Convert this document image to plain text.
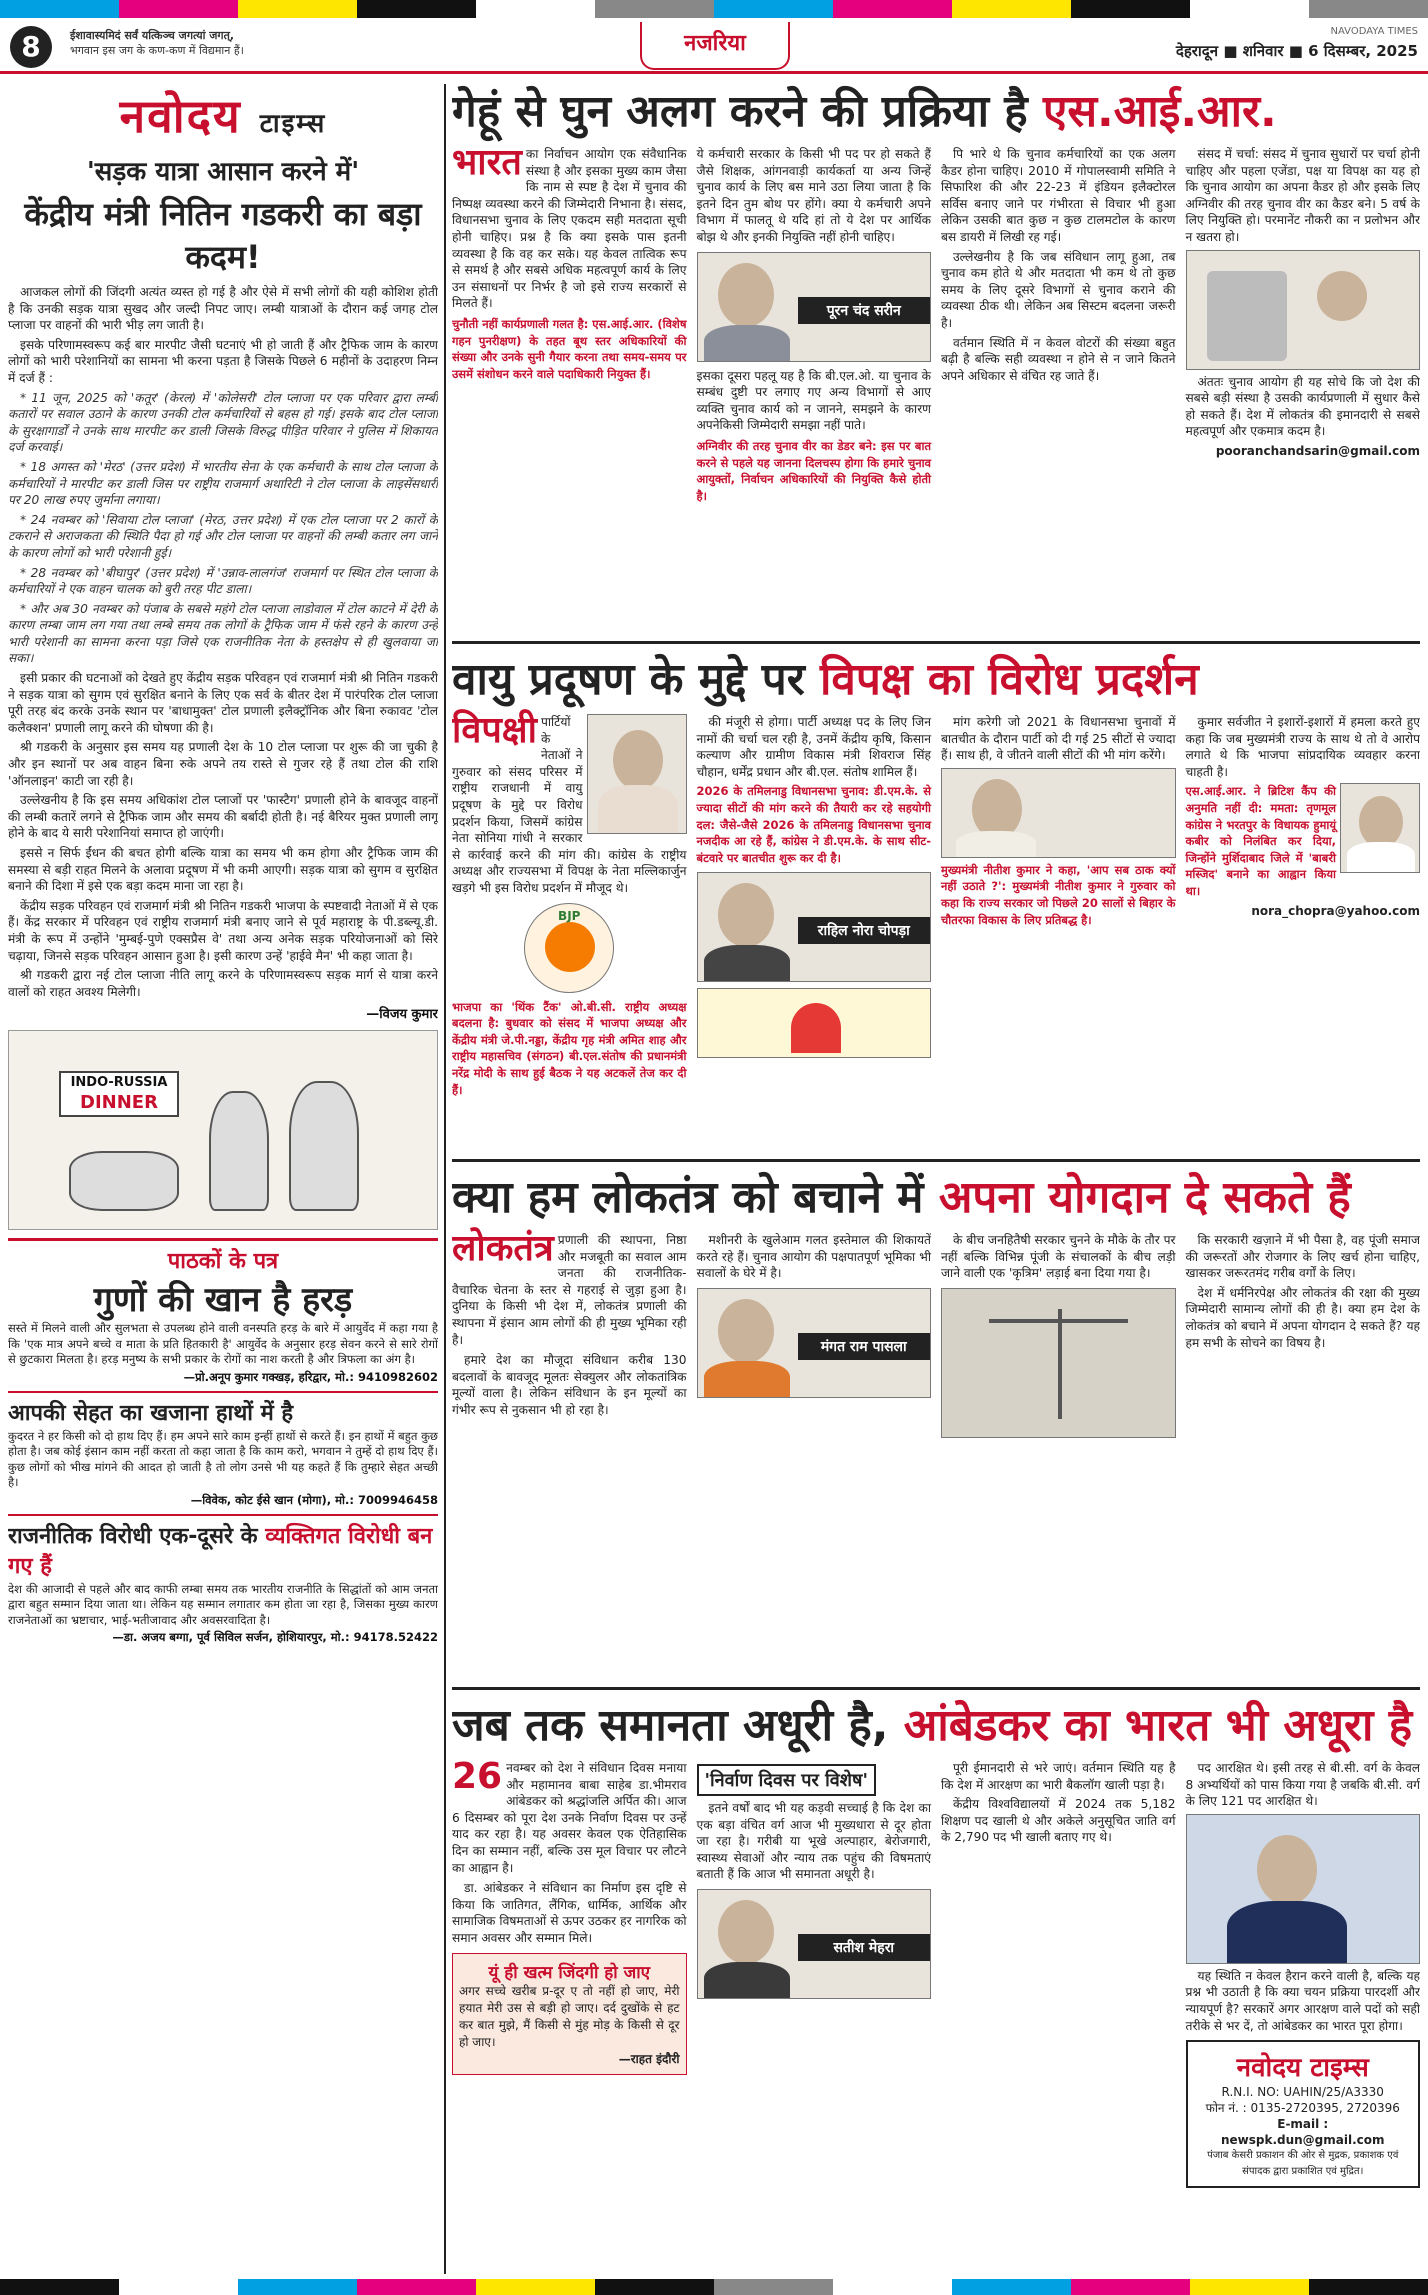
8	ईशावास्यमिदं सर्वं यत्किञ्च जगत्यां जगत्,
भगवान इस जग के कण-कण में विद्यमान हैं।	नजरिया	NAVODAYA TIMES
देहरादून ■ शनिवार ■ 6 दिसम्बर, 2025
नवोदय टाइम्स
'सड़क यात्रा आसान करने में'
केंद्रीय मंत्री नितिन गडकरी का बड़ा कदम!

आजकल लोगों की जिंदगी अत्यंत व्यस्त हो गई है और ऐसे में सभी लोगों की यही कोशिश होती है कि उनकी सड़क यात्रा सुखद और जल्दी निपट जाए। लम्बी यात्राओं के दौरान कई जगह टोल प्लाजा पर वाहनों की भारी भीड़ लग जाती है।

इसके परिणामस्वरूप कई बार मारपीट जैसी घटनाएं भी हो जाती हैं और ट्रैफिक जाम के कारण लोगों को भारी परेशानियों का सामना भी करना पड़ता है जिसके पिछले 6 महीनों के उदाहरण निम्न में दर्ज हैं :

* 11 जून, 2025 को 'कतूर' (केरल) में 'कोलेसरी' टोल प्लाजा पर एक परिवार द्वारा लम्बी कतारों पर सवाल उठाने के कारण उनकी टोल कर्मचारियों से बहस हो गई। इसके बाद टोल प्लाजा के सुरक्षागार्डों ने उनके साथ मारपीट कर डाली जिसके विरुद्ध पीड़ित परिवार ने पुलिस में शिकायत दर्ज करवाई।

* 18 अगस्त को 'मेरठ' (उत्तर प्रदेश) में भारतीय सेना के एक कर्मचारी के साथ टोल प्लाजा के कर्मचारियों ने मारपीट कर डाली जिस पर राष्ट्रीय राजमार्ग अथारिटी ने टोल प्लाजा के लाइसेंसधारी पर 20 लाख रुपए जुर्माना लगाया।

* 24 नवम्बर को 'सिवाया टोल प्लाजा' (मेरठ, उत्तर प्रदेश) में एक टोल प्लाजा पर 2 कारों के टकराने से अराजकता की स्थिति पैदा हो गई और टोल प्लाजा पर वाहनों की लम्बी कतार लग जाने के कारण लोगों को भारी परेशानी हुई।

* 28 नवम्बर को 'बीघापुर' (उत्तर प्रदेश) में 'उन्नाव-लालगंज' राजमार्ग पर स्थित टोल प्लाजा के कर्मचारियों ने एक वाहन चालक को बुरी तरह पीट डाला।

* और अब 30 नवम्बर को पंजाब के सबसे महंगे टोल प्लाजा लाडोवाल में टोल काटने में देरी के कारण लम्बा जाम लग गया तथा लम्बे समय तक लोगों के ट्रैफिक जाम में फंसे रहने के कारण उन्हें भारी परेशानी का सामना करना पड़ा जिसे एक राजनीतिक नेता के हस्तक्षेप से ही खुलवाया जा सका।

इसी प्रकार की घटनाओं को देखते हुए केंद्रीय सड़क परिवहन एवं राजमार्ग मंत्री श्री नितिन गडकरी ने सड़क यात्रा को सुगम एवं सुरक्षित बनाने के लिए एक सर्व के बीतर देश में पारंपरिक टोल प्लाजा पूरी तरह बंद करके उनके स्थान पर 'बाधामुक्त' टोल प्रणाली इलैक्ट्रॉनिक और बिना रुकावट 'टोल कलैक्शन' प्रणाली लागू करने की घोषणा की है।

श्री गडकरी के अनुसार इस समय यह प्रणाली देश के 10 टोल प्लाजा पर शुरू की जा चुकी है और इन स्थानों पर अब वाहन बिना रुके अपने तय रास्ते से गुजर रहे हैं तथा टोल की राशि 'ऑनलाइन' काटी जा रही है।

उल्लेखनीय है कि इस समय अधिकांश टोल प्लाजों पर 'फास्टैग' प्रणाली होने के बावजूद वाहनों की लम्बी कतारें लगने से ट्रैफिक जाम और समय की बर्बादी होती है। नई बैरियर मुक्त प्रणाली लागू होने के बाद ये सारी परेशानियां समाप्त हो जाएंगी।

इससे न सिर्फ ईंधन की बचत होगी बल्कि यात्रा का समय भी कम होगा और ट्रैफिक जाम की समस्या से बड़ी राहत मिलने के अलावा प्रदूषण में भी कमी आएगी। सड़क यात्रा को सुगम व सुरक्षित बनाने की दिशा में इसे एक बड़ा कदम माना जा रहा है।

केंद्रीय सड़क परिवहन एवं राजमार्ग मंत्री श्री नितिन गडकरी भाजपा के स्पष्टवादी नेताओं में से एक हैं। केंद्र सरकार में परिवहन एवं राष्ट्रीय राजमार्ग मंत्री बनाए जाने से पूर्व महाराष्ट्र के पी.डब्ल्यू.डी. मंत्री के रूप में उन्होंने 'मुम्बई-पुणे एक्सप्रैस वे' तथा अन्य अनेक सड़क परियोजनाओं को सिरे चढ़ाया, जिनसे सड़क परिवहन आसान हुआ है। इसी कारण उन्हें 'हाईवे मैन' भी कहा जाता है।

श्री गडकरी द्वारा नई टोल प्लाजा नीति लागू करने के परिणामस्वरूप सड़क मार्ग से यात्रा करने वालों को राहत अवश्य मिलेगी।

—विजय कुमार
INDO-RUSSIA
DINNER
पाठकों के पत्र
गुणों की खान है हरड़
सस्ते में मिलने वाली और सुलभता से उपलब्ध होने वाली वनस्पति हरड़ के बारे में आयुर्वेद में कहा गया है कि 'एक मात्र अपने बच्चे व माता के प्रति हितकारी है' आयुर्वेद के अनुसार हरड़ सेवन करने से सारे रोगों से छुटकारा मिलता है। हरड़ मनुष्य के सभी प्रकार के रोगों का नाश करती है और त्रिफला का अंग है।
—प्रो.अनूप कुमार गक्खड़, हरिद्वार, मो.: 9410982602
आपकी सेहत का खजाना हाथों में है
कुदरत ने हर किसी को दो हाथ दिए हैं। हम अपने सारे काम इन्हीं हाथों से करते हैं। इन हाथों में बहुत कुछ होता है। जब कोई इंसान काम नहीं करता तो कहा जाता है कि काम करो, भगवान ने तुम्हें दो हाथ दिए हैं। कुछ लोगों को भीख मांगने की आदत हो जाती है तो लोग उनसे भी यह कहते हैं कि तुम्हारे सेहत अच्छी है।
—विवेक, कोट ईसे खान (मोगा), मो.: 7009946458
राजनीतिक विरोधी एक-दूसरे के व्यक्तिगत विरोधी बन गए हैं
देश की आजादी से पहले और बाद काफी लम्बा समय तक भारतीय राजनीति के सिद्धांतों को आम जनता द्वारा बहुत सम्मान दिया जाता था। लेकिन यह सम्मान लगातार कम होता जा रहा है, जिसका मुख्य कारण राजनेताओं का भ्रष्टाचार, भाई-भतीजावाद और अवसरवादिता है।
—डा. अजय बग्गा, पूर्व सिविल सर्जन, होशियारपुर, मो.: 94178.52422
गेहूं से घुन अलग करने की प्रक्रिया है एस.आई.आर.
भारत का निर्वाचन आयोग एक संवैधानिक संस्था है और इसका मुख्य काम जैसा कि नाम से स्पष्ट है देश में चुनाव की निष्पक्ष व्यवस्था करने की जिम्मेदारी निभाना है। संसद, विधानसभा चुनाव के लिए एकदम सही मतदाता सूची होनी चाहिए। प्रश्न है कि क्या इसके पास इतनी व्यवस्था है कि वह कर सके। यह केवल तात्विक रूप से समर्थ है और सबसे अधिक महत्वपूर्ण कार्य के लिए उन संसाधनों पर निर्भर है जो इसे राज्य सरकारों से मिलते हैं।

चुनौती नहीं कार्यप्रणाली गलत है: एस.आई.आर. (विशेष गहन पुनरीक्षण) के तहत बूथ स्तर अधिकारियों की संख्या और उनके सुनी गैयार करना तथा समय-समय पर उसमें संशोधन करने वाले पदाधिकारी नियुक्त हैं।

ये कर्मचारी सरकार के किसी भी पद पर हो सकते हैं जैसे शिक्षक, आंगनवाड़ी कार्यकर्ता या अन्य जिन्हें चुनाव कार्य के लिए बस माने उठा लिया जाता है कि इतने दिन तुम बोथ पर होंगे। क्या ये कर्मचारी अपने विभाग में फालतू थे यदि हां तो ये देश पर आर्थिक बोझ थे और इनकी नियुक्ति नहीं होनी चाहिए।
पूरन चंद सरीन
इसका दूसरा पहलू यह है कि बी.एल.ओ. या चुनाव के सम्बंध दुष्टी पर लगाए गए अन्य विभागों से आए व्यक्ति चुनाव कार्य को न जानने, समझने के कारण अपनेकिसी जिम्मेदारी समझा नहीं पाते।

अग्निवीर की तरह चुनाव वीर का डेडर बने: इस पर बात करने से पहले यह जानना दिलचस्प होगा कि हमारे चुनाव आयुक्तों, निर्वाचन अधिकारियों की नियुक्ति कैसे होती है।

पि भारे थे कि चुनाव कर्मचारियों का एक अलग कैडर होना चाहिए। 2010 में गोपालस्वामी समिति ने सिफारिश की और 22-23 में इंडियन इलैक्टोरल सर्विस बनाए जाने पर गंभीरता से विचार भी हुआ लेकिन उसकी बात कुछ न कुछ टालमटोल के कारण बस डायरी में लिखी रह गई।

उल्लेखनीय है कि जब संविधान लागू हुआ, तब चुनाव कम होते थे और मतदाता भी कम थे तो कुछ समय के लिए दूसरे विभागों से चुनाव कराने की व्यवस्था ठीक थी। लेकिन अब सिस्टम बदलना जरूरी है।

वर्तमान स्थिति में न केवल वोटरों की संख्या बहुत बढ़ी है बल्कि सही व्यवस्था न होने से न जाने कितने अपने अधिकार से वंचित रह जाते हैं।

संसद में चर्चा: संसद में चुनाव सुधारों पर चर्चा होनी चाहिए और पहला एजेंडा, पक्ष या विपक्ष का यह हो कि चुनाव आयोग का अपना कैडर हो और इसके लिए अग्निवीर की तरह चुनाव वीर का कैडर बने। 5 वर्ष के लिए नियुक्ति हो। परमानेंट नौकरी का न प्रलोभन और न खतरा हो।

अंततः चुनाव आयोग ही यह सोचे कि जो देश की सबसे बड़ी संस्था है उसकी कार्यप्रणाली में सुधार कैसे हो सकते हैं। देश में लोकतंत्र की इमानदारी से सबसे महत्वपूर्ण और एकमात्र कदम है।

pooranchandsarin@gmail.com
वायु प्रदूषण के मुद्दे पर विपक्ष का विरोध प्रदर्शन
विपक्षी पार्टियों के नेताओं ने गुरुवार को संसद परिसर में राष्ट्रीय राजधानी में वायु प्रदूषण के मुद्दे पर विरोध प्रदर्शन किया, जिसमें कांग्रेस नेता सोनिया गांधी ने सरकार से कार्रवाई करने की मांग की। कांग्रेस के राष्ट्रीय अध्यक्ष और राज्यसभा में विपक्ष के नेता मल्लिकार्जुन खड़गे भी इस विरोध प्रदर्शन में मौजूद थे।
BJP

भाजपा का 'थिंक टैंक' ओ.बी.सी. राष्ट्रीय अध्यक्ष बदलना है: बुधवार को संसद में भाजपा अध्यक्ष और केंद्रीय मंत्री जे.पी.नड्डा, केंद्रीय गृह मंत्री अमित शाह और राष्ट्रीय महासचिव (संगठन) बी.एल.संतोष की प्रधानमंत्री नरेंद्र मोदी के साथ हुई बैठक ने यह अटकलें तेज कर दी हैं।

की मंजूरी से होगा। पार्टी अध्यक्ष पद के लिए जिन नामों की चर्चा चल रही है, उनमें केंद्रीय कृषि, किसान कल्याण और ग्रामीण विकास मंत्री शिवराज सिंह चौहान, धर्मेंद्र प्रधान और बी.एल. संतोष शामिल हैं।

2026 के तमिलनाडु विधानसभा चुनाव: डी.एम.के. से ज्यादा सीटों की मांग करने की तैयारी कर रहे सहयोगी दल: जैसे-जैसे 2026 के तमिलनाडु विधानसभा चुनाव नजदीक आ रहे हैं, कांग्रेस ने डी.एम.के. के साथ सीट-बंटवारे पर बातचीत शुरू कर दी है।

राहिल नोरा चोपड़ा

मांग करेगी जो 2021 के विधानसभा चुनावों में बातचीत के दौरान पार्टी को दी गई 25 सीटों से ज्यादा हैं। साथ ही, वे जीतने वाली सीटों की भी मांग करेंगे।

मुख्यमंत्री नीतीश कुमार ने कहा, 'आप सब ठाक क्यों नहीं उठाते ?': मुख्यमंत्री नीतीश कुमार ने गुरुवार को कहा कि राज्य सरकार जो पिछले 20 सालों से बिहार के चौतरफा विकास के लिए प्रतिबद्ध है।

कुमार सर्वजीत ने इशारों-इशारों में हमला करते हुए कहा कि जब मुख्यमंत्री राज्य के साथ थे तो वे आरोप लगाते थे कि भाजपा सांप्रदायिक व्यवहार करना चाहती है।

एस.आई.आर. ने ब्रिटिश कैंप की अनुमति नहीं दी: ममता: तृणमूल कांग्रेस ने भरतपुर के विधायक हुमायूं कबीर को निलंबित कर दिया, जिन्होंने मुर्शिदाबाद जिले में 'बाबरी मस्जिद' बनाने का आह्वान किया था।

nora_chopra@yahoo.com
क्या हम लोकतंत्र को बचाने में अपना योगदान दे सकते हैं
लोकतंत्र प्रणाली की स्थापना, निष्ठा और मजबूती का सवाल आम जनता की राजनीतिक-वैचारिक चेतना के स्तर से गहराई से जुड़ा हुआ है। दुनिया के किसी भी देश में, लोकतंत्र प्रणाली की स्थापना में इंसान आम लोगों की ही मुख्य भूमिका रही है।

हमारे देश का मौजूदा संविधान करीब 130 बदलावों के बावजूद मूलतः सेक्युलर और लोकतांत्रिक मूल्यों वाला है। लेकिन संविधान के इन मूल्यों का गंभीर रूप से नुकसान भी हो रहा है।

मशीनरी के खुलेआम गलत इस्तेमाल की शिकायतें करते रहे हैं। चुनाव आयोग की पक्षपातपूर्ण भूमिका भी सवालों के घेरे में है।

मंगत राम पासला

के बीच जनहितैषी सरकार चुनने के मौके के तौर पर नहीं बल्कि विभिन्न पूंजी के संचालकों के बीच लड़ी जाने वाली एक 'कृत्रिम' लड़ाई बना दिया गया है।

कि सरकारी खज़ाने में भी पैसा है, वह पूंजी समाज की जरूरतों और रोजगार के लिए खर्च होना चाहिए, खासकर जरूरतमंद गरीब वर्गों के लिए।

देश में धर्मनिरपेक्ष और लोकतंत्र की रक्षा की मुख्य जिम्मेदारी सामान्य लोगों की ही है। क्या हम देश के लोकतंत्र को बचाने में अपना योगदान दे सकते हैं? यह हम सभी के सोचने का विषय है।

जब तक समानता अधूरी है, आंबेडकर का भारत भी अधूरा है
26 नवम्बर को देश ने संविधान दिवस मनाया और महामानव बाबा साहेब डा.भीमराव आंबेडकर को श्रद्धांजलि अर्पित की। आज 6 दिसम्बर को पूरा देश उनके निर्वाण दिवस पर उन्हें याद कर रहा है। यह अवसर केवल एक ऐतिहासिक दिन का सम्मान नहीं, बल्कि उस मूल विचार पर लौटने का आह्वान है।

डा. आंबेडकर ने संविधान का निर्माण इस दृष्टि से किया कि जातिगत, लैंगिक, धार्मिक, आर्थिक और सामाजिक विषमताओं से ऊपर उठकर हर नागरिक को समान अवसर और सम्मान मिले।

यूं ही खत्म जिंदगी हो जाए
अगर सच्चे खरीब प्र-दूर ए तो नहीं हो जाए, मेरी हयात मेरी उस से बड़ी हो जाए। दर्द दुखोंके से हट कर बात मुझे, मैं किसी से मुंह मोड़ के किसी से दूर हो जाए।
—राहत इंदौरी
'निर्वाण दिवस पर विशेष'

इतने वर्षों बाद भी यह कड़वी सच्चाई है कि देश का एक बड़ा वंचित वर्ग आज भी मुख्यधारा से दूर होता जा रहा है। गरीबी या भूखे अल्पाहार, बेरोजगारी, स्वास्थ्य सेवाओं और न्याय तक पहुंच की विषमताएं बताती हैं कि आज भी समानता अधूरी है।

सतीश मेहरा

पूरी ईमानदारी से भरे जाएं। वर्तमान स्थिति यह है कि देश में आरक्षण का भारी बैकलॉग खाली पड़ा है।

केंद्रीय विश्वविद्यालयों में 2024 तक 5,182 शिक्षण पद खाली थे और अकेले अनुसूचित जाति वर्ग के 2,790 पद भी खाली बताए गए थे।

पद आरक्षित थे। इसी तरह से बी.सी. वर्ग के केवल 8 अभ्यर्थियों को पास किया गया है जबकि बी.सी. वर्ग के लिए 121 पद आरक्षित थे।

यह स्थिति न केवल हैरान करने वाली है, बल्कि यह प्रश्न भी उठाती है कि क्या चयन प्रक्रिया पारदर्शी और न्यायपूर्ण है? सरकारें अगर आरक्षण वाले पदों को सही तरीके से भर दें, तो आंबेडकर का भारत पूरा होगा।

नवोदय टाइम्स
R.N.I. NO: UAHIN/25/A3330
फोन नं. : 0135-2720395, 2720396
E-mail : newspk.dun@gmail.com
पंजाब केसरी प्रकाशन की ओर से मुद्रक, प्रकाशक एवं संपादक द्वारा प्रकाशित एवं मुद्रित।
